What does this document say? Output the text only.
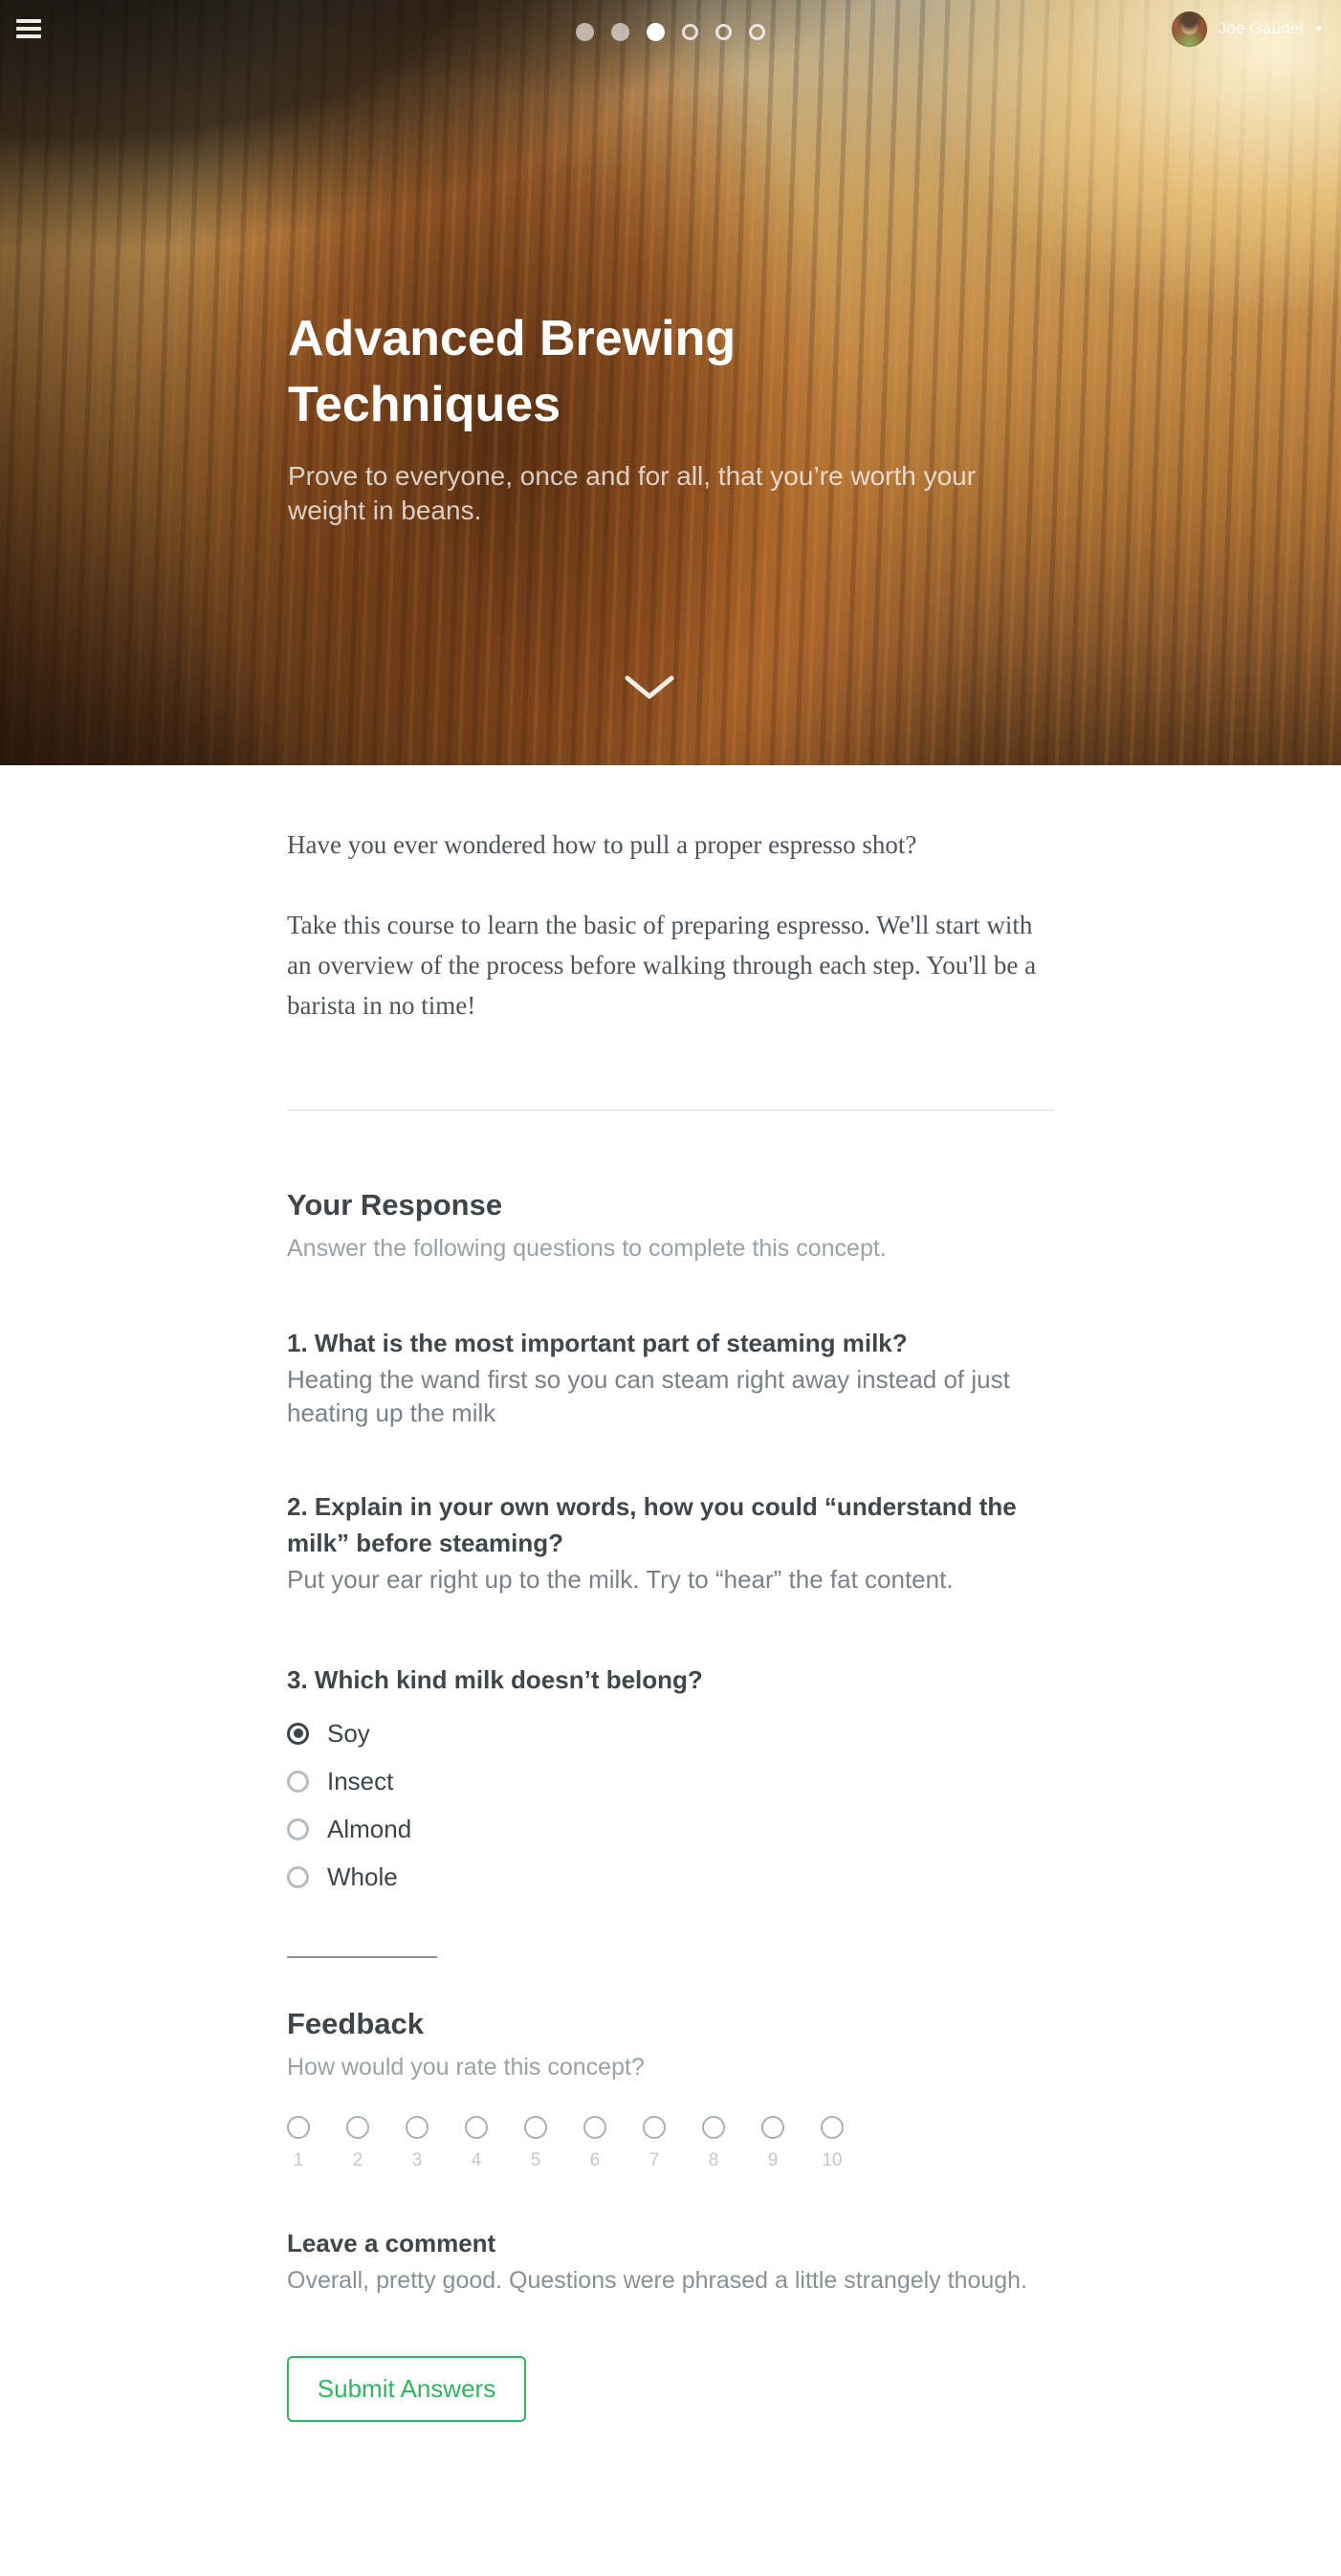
Joe Gaudet ▾
Advanced Brewing Techniques

Prove to everyone, once and for all, that you’re worth your weight in beans.

Have you ever wondered how to pull a proper espresso shot?

Take this course to learn the basic of preparing espresso. We'll start with an overview of the process before walking through each step. You'll be a barista in no time!

Your Response

Answer the following questions to complete this concept.

1. What is the most important part of steaming milk?

Heating the wand first so you can steam right away instead of just heating up the milk

2. Explain in your own words, how you could “understand the milk” before steaming?

Put your ear right up to the milk. Try to “hear” the fat content.

3. Which kind milk doesn’t belong?
Soy
Insect
Almond
Whole
Feedback

How would you rate this concept?

1	2	3	4	5	6	7	8	9 10
Leave a comment

Overall, pretty good. Questions were phrased a little strangely though.

Submit Answers
